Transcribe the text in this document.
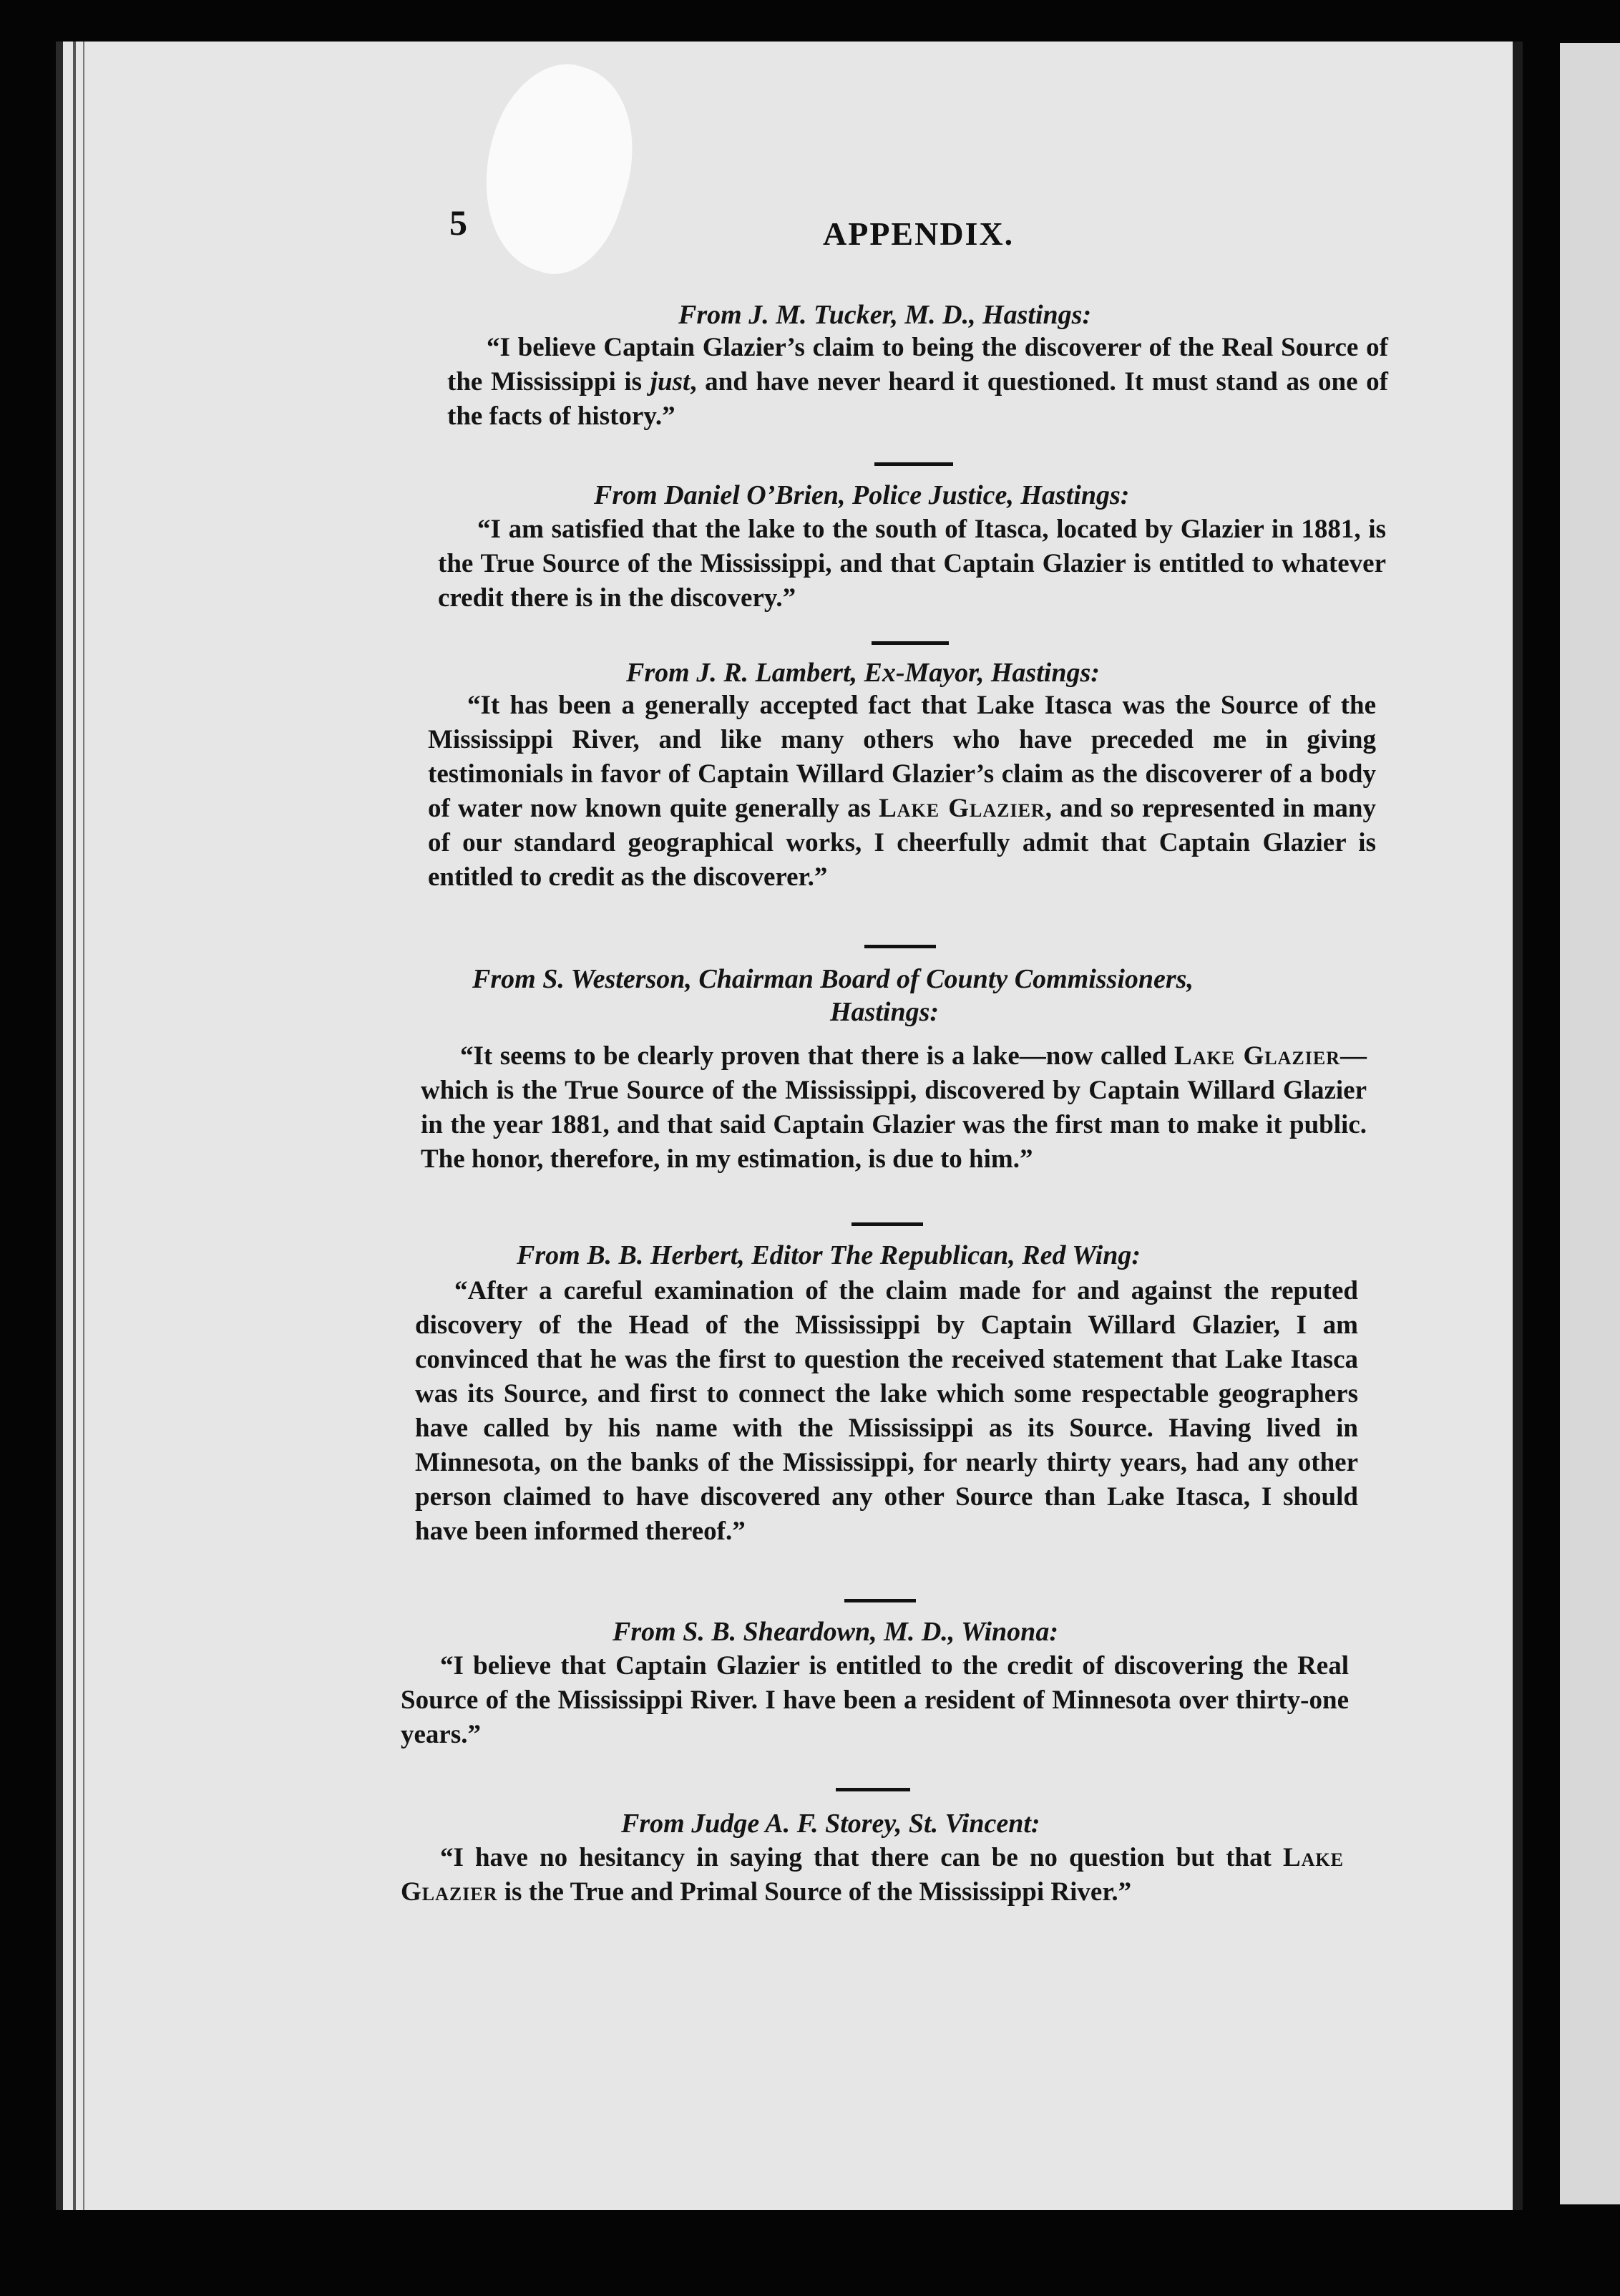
5	APPENDIX.
From J. M. Tucker, M. D., Hastings:
“I believe Captain Glazier’s claim to being the discoverer of the Real Source of the Mississippi is just, and have never heard it questioned. It must stand as one of the facts of history.”
From Daniel O’Brien, Police Justice, Hastings:
“I am satisfied that the lake to the south of Itasca, located by Glazier in 1881, is the True Source of the Mississippi, and that Captain Glazier is entitled to whatever credit there is in the discovery.”
From J. R. Lambert, Ex-Mayor, Hastings:
“It has been a generally accepted fact that Lake Itasca was the Source of the Mississippi River, and like many others who have preceded me in giving testimonials in favor of Captain Willard Glazier’s claim as the discoverer of a body of water now known quite generally as Lake Glazier, and so represented in many of our standard geographical works, I cheerfully admit that Captain Glazier is entitled to credit as the discoverer.”
From S. Westerson, Chairman Board of County Commissioners,
Hastings:
“It seems to be clearly proven that there is a lake—now called Lake Glazier—which is the True Source of the Mississippi, discovered by Captain Willard Glazier in the year 1881, and that said Captain Glazier was the first man to make it public. The honor, therefore, in my estimation, is due to him.”
From B. B. Herbert, Editor The Republican, Red Wing:
“After a careful examination of the claim made for and against the reputed discovery of the Head of the Mississippi by Captain Willard Glazier, I am convinced that he was the first to question the received statement that Lake Itasca was its Source, and first to connect the lake which some respectable geographers have called by his name with the Mississippi as its Source. Having lived in Minnesota, on the banks of the Mississippi, for nearly thirty years, had any other person claimed to have discovered any other Source than Lake Itasca, I should have been informed thereof.”
From S. B. Sheardown, M. D., Winona:
“I believe that Captain Glazier is entitled to the credit of discovering the Real Source of the Mississippi River. I have been a resident of Minnesota over thirty-one years.”
From Judge A. F. Storey, St. Vincent:
“I have no hesitancy in saying that there can be no question but that Lake Glazier is the True and Primal Source of the Mississippi River.”
